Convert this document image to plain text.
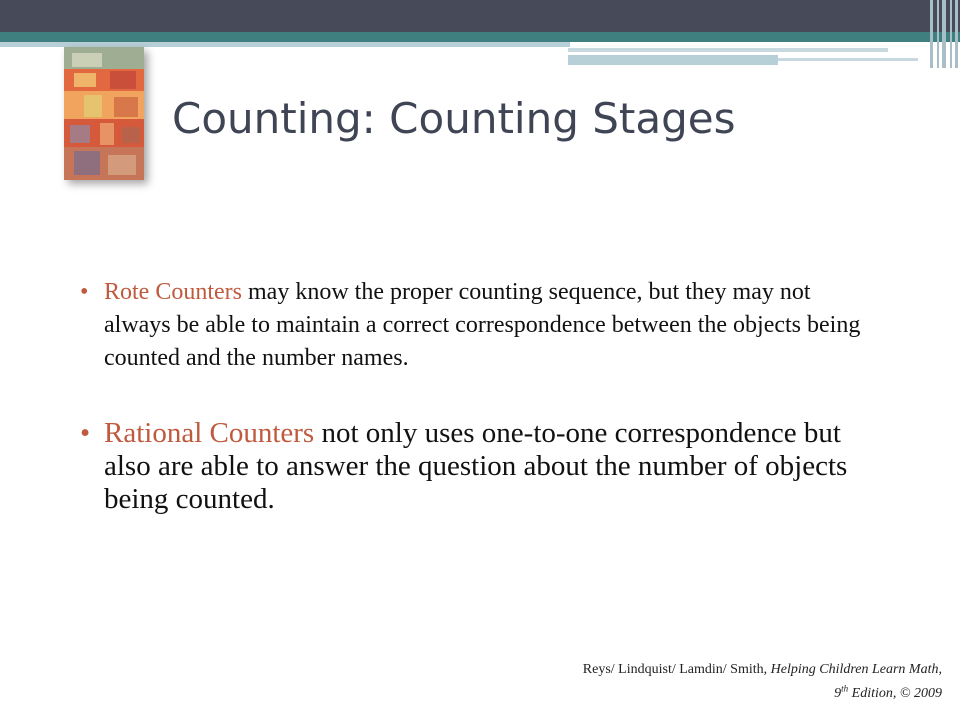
Counting: Counting Stages
• Rote Counters may know the proper counting sequence, but they may not always be able to maintain a correct correspondence between the objects being counted and the number names.
• Rational Counters not only uses one-to-one correspondence but also are able to answer the question about the number of objects being counted.
Reys/ Lindquist/ Lamdin/ Smith, Helping Children Learn Math,
9th Edition, © 2009
